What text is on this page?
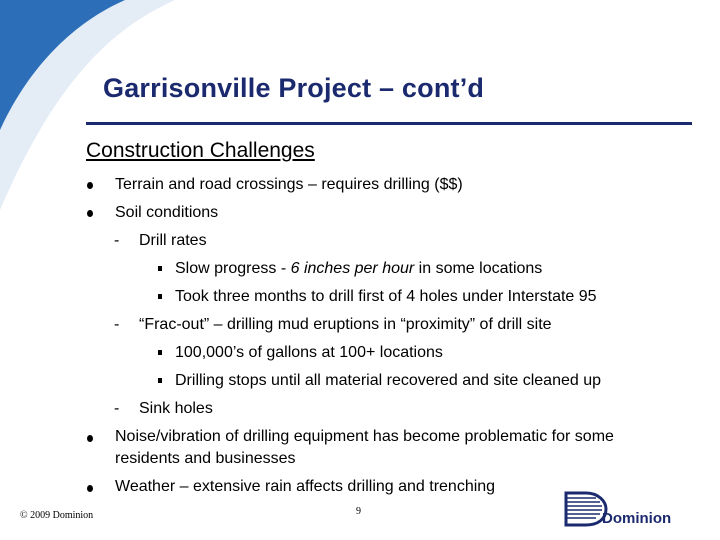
Garrisonville Project – cont’d
Construction Challenges
Terrain and road crossings – requires drilling ($$)
Soil conditions
- Drill rates
Slow progress - 6 inches per hour in some locations
Took three months to drill first of 4 holes under Interstate 95
- “Frac-out” – drilling mud eruptions in “proximity” of drill site
100,000’s of gallons at 100+ locations
Drilling stops until all material recovered and site cleaned up
- Sink holes
Noise/vibration of drilling equipment has become problematic for some
residents and businesses
Weather – extensive rain affects drilling and trenching
© 2009 Dominion	9	Dominion
